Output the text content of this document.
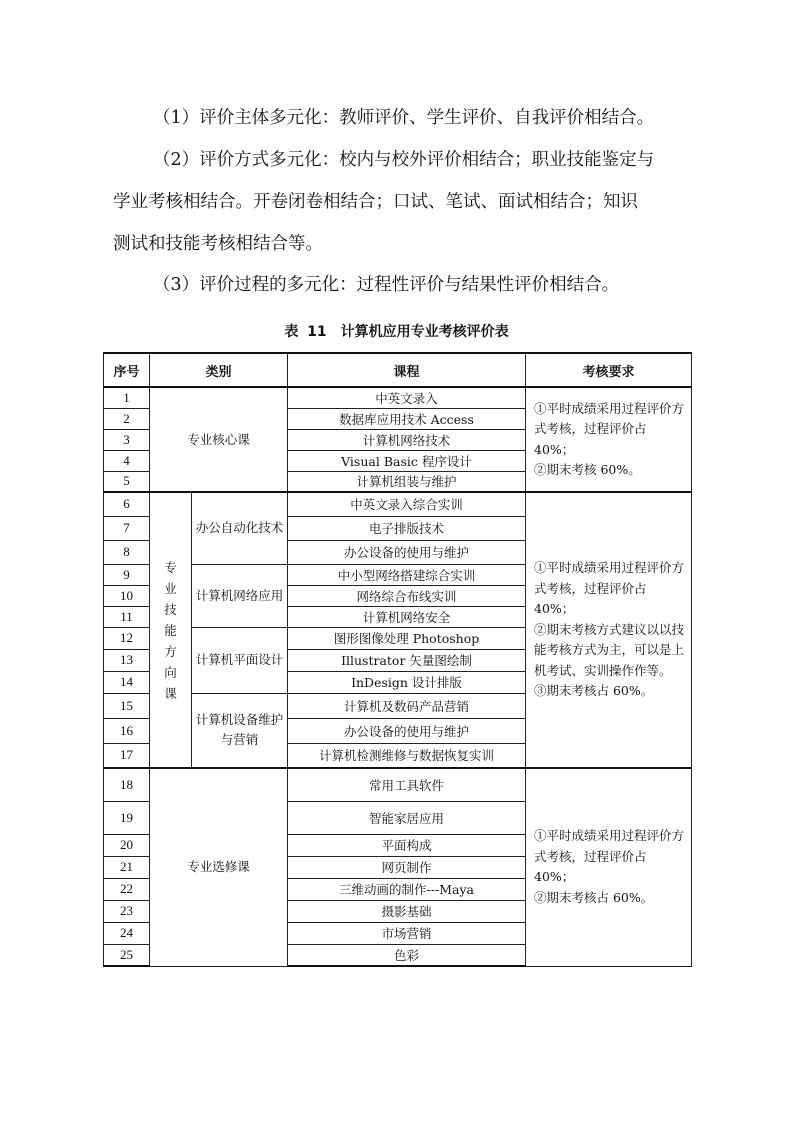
（1）评价主体多元化：教师评价、学生评价、自我评价相结合。

（2）评价方式多元化：校内与校外评价相结合；职业技能鉴定与

学业考核相结合。开卷闭卷相结合；口试、笔试、面试相结合；知识

测试和技能考核相结合等。

（3）评价过程的多元化：过程性评价与结果性评价相结合。

表 11　计算机应用专业考核评价表
序号	类别		课程	考核要求
1	专业核心课		中英文录入	①平时成绩采用过程评价方式考核，过程评价占40%；
②期末考核 60%。
2			数据库应用技术 Access	
3			计算机网络技术	
4			Visual Basic 程序设计	
5			计算机组装与维护	
6	专业技能方向课	办公自动化技术	中英文录入综合实训	①平时成绩采用过程评价方式考核，过程评价占40%；
②期末考核方式建议以以技能考核方式为主，可以是上机考试、实训操作作等。
③期末考核占 60%。
7			电子排版技术	
8			办公设备的使用与维护	
9		计算机网络应用	中小型网络搭建综合实训	
10			网络综合布线实训	
11			计算机网络安全	
12		计算机平面设计	图形图像处理 Photoshop	
13			Illustrator 矢量图绘制	
14			InDesign 设计排版	
15		计算机设备维护与营销	计算机及数码产品营销	
16			办公设备的使用与维护	
17			计算机检测维修与数据恢复实训	
18	专业选修课		常用工具软件	①平时成绩采用过程评价方式考核，过程评价占40%；
②期末考核占 60%。
19			智能家居应用	
20			平面构成	
21			网页制作	
22			三维动画的制作---Maya	
23			摄影基础	
24			市场营销	
25			色彩	
